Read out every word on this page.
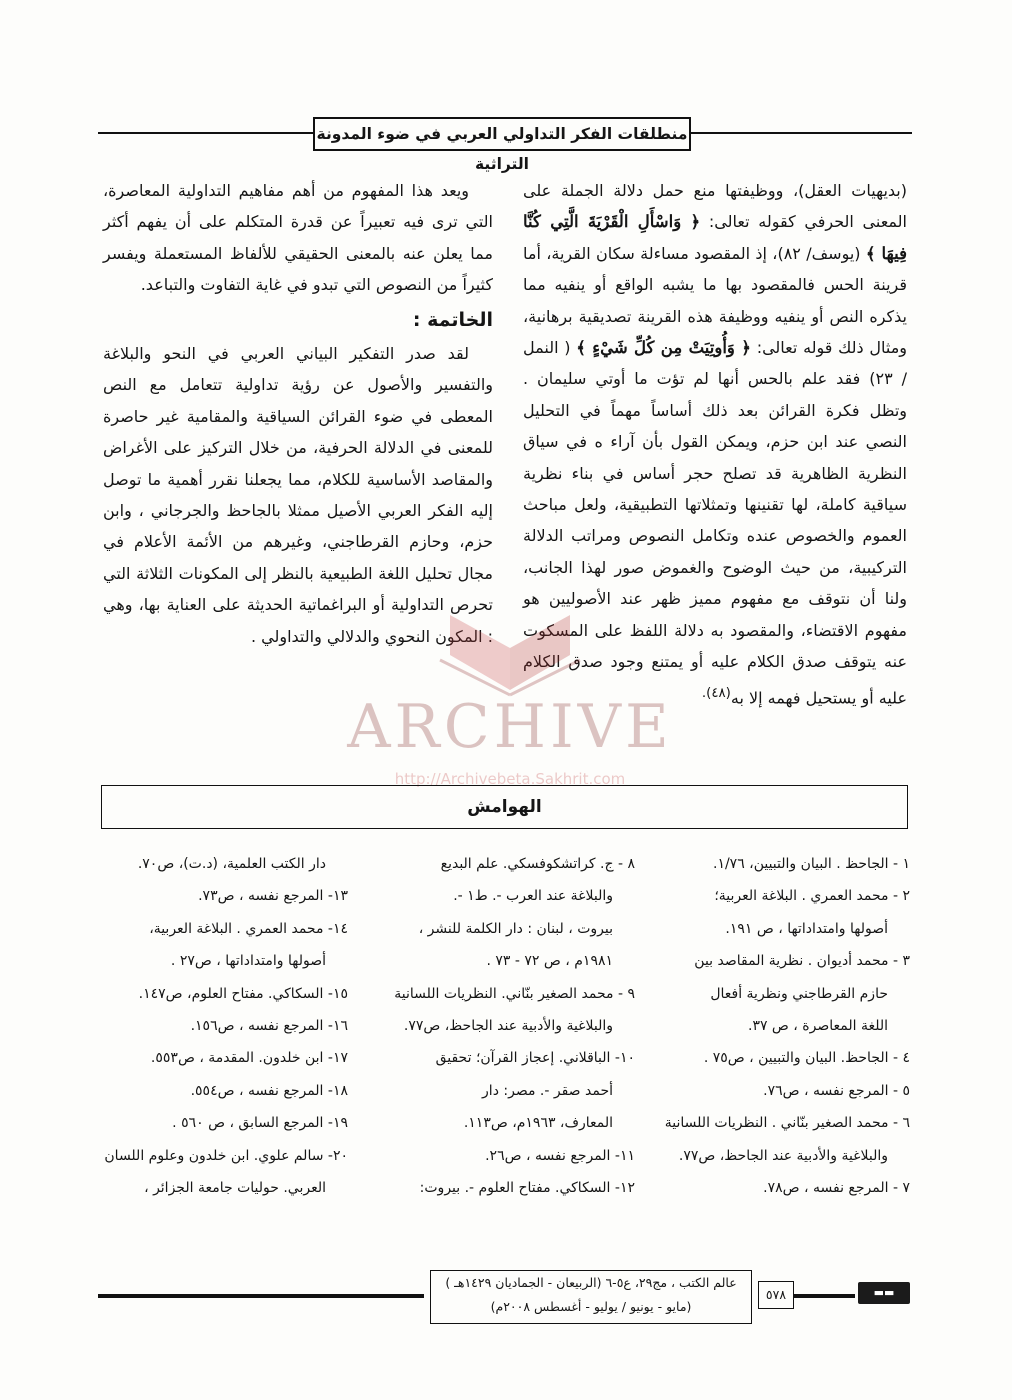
منطلقات الفكر التداولي العربي في ضوء المدونة التراثية

(بديهيات العقل)، ووظيفتها منع حمل دلالة الجملة على المعنى الحرفي كقوله تعالى: ﴿ وَاسْأَلِ الْقَرْيَةَ الَّتِي كُنَّا فِيهَا ﴾ (يوسف/ ٨٢)، إذ المقصود مساءلة سكان القرية، أما قرينة الحس فالمقصود بها ما يشبه الواقع أو ينفيه مما يذكره النص أو ينفيه ووظيفة هذه القرينة تصديقية برهانية، ومثال ذلك قوله تعالى: ﴿ وَأُوتِيَتْ مِن كُلِّ شَيْءٍ ﴾ ( النمل / ٢٣) فقد علم بالحس أنها لم تؤت ما أوتي سليمان . وتظل فكرة القرائن بعد ذلك أساساً مهماً في التحليل النصي عند ابن حزم، ويمكن القول بأن آراء ه في سياق النظرية الظاهرية قد تصلح حجر أساس في بناء نظرية سياقية كاملة، لها تقنينها وتمثلاتها التطبيقية، ولعل مباحث العموم والخصوص عنده وتكامل النصوص ومراتب الدلالة التركيبية، من حيث الوضوح والغموض صور لهذا الجانب، ولنا أن نتوقف مع مفهوم مميز ظهر عند الأصوليين هو مفهوم الاقتضاء، والمقصود به دلالة اللفظ على المسكوت عنه يتوقف صدق الكلام عليه أو يمتنع وجود صدق الكلام عليه أو يستحيل فهمه إلا به$^{(٤٨).}$

ويعد هذا المفهوم من أهم مفاهيم التداولية المعاصرة، التي ترى فيه تعبيراً عن قدرة المتكلم على أن يفهم أكثر مما يعلن عنه بالمعنى الحقيقي للألفاظ المستعملة ويفسر كثيراً من النصوص التي تبدو في غاية التفاوت والتباعد.

الخاتمة :

لقد صدر التفكير البياني العربي في النحو والبلاغة والتفسير والأصول عن رؤية تداولية تتعامل مع النص المعطى في ضوء القرائن السياقية والمقامية غير حاصرة للمعنى في الدلالة الحرفية، من خلال التركيز على الأغراض والمقاصد الأساسية للكلام، مما يجعلنا نقرر أهمية ما توصل إليه الفكر العربي الأصيل ممثلا بالجاحظ والجرجاني ، وابن حزم، وحازم القرطاجني، وغيرهم من الأئمة الأعلام في مجال تحليل اللغة الطبيعية بالنظر إلى المكونات الثلاثة التي تحرص التداولية أو البراغماتية الحديثة على العناية بها، وهي : المكون النحوي والدلالي والتداولي .

ARCHIVE
http://Archivebeta.Sakhrit.com
الهوامش
١ - الجاحظ . البيان والتبيين، ١/٧٦.
٢ - محمد العمري . البلاغة العربية؛
أصولها وامتداداتها ، ص ١٩١.
٣ - محمد أديوان . نظرية المقاصد بين
حازم القرطاجني ونظرية أفعال
اللغة المعاصرة ، ص ٣٧.
٤ - الجاحظ. البيان والتبيين ، ص٧٥ .
٥ - المرجع نفسه ، ص٧٦.
٦ - محمد الصغير بنّاني . النظريات اللسانية
والبلاغية والأدبية عند الجاحظ، ص٧٧.
٧ - المرجع نفسه ، ص٧٨.
٨ - ج. كراتشكوفسكي. علم البديع
والبلاغة عند العرب -. ط١ -.
بيروت ، لبنان : دار الكلمة للنشر ،
١٩٨١م ، ص ٧٢ - ٧٣ .
٩ - محمد الصغير بنّاني. النظريات اللسانية
والبلاغية والأدبية عند الجاحظ، ص٧٧.
١٠- الباقلاني. إعجاز القرآن؛ تحقيق
أحمد صقر -. مصر: دار
المعارف، ١٩٦٣م، ص١١٣.
١١- المرجع نفسه ، ص٢٦.
١٢- السكاكي. مفتاح العلوم -. بيروت:
دار الكتب العلمية، (د.ت)، ص٧٠.
١٣- المرجع نفسه ، ص٧٣.
١٤- محمد العمري . البلاغة العربية،
أصولها وامتداداتها ، ص٢٧ .
١٥- السكاكي. مفتاح العلوم، ص١٤٧.
١٦- المرجع نفسه ، ص١٥٦.
١٧- ابن خلدون. المقدمة ، ص٥٥٣.
١٨- المرجع نفسه ، ص٥٥٤.
١٩- المرجع السابق ، ص ٥٦٠ .
٢٠- سالم علوي. ابن خلدون وعلوم اللسان
العربي. حوليات جامعة الجزائر ،
عالم الكتب ، مج٢٩، ع٥-٦ (الربيعان - الجماديان ١٤٢٩هـ )
(مايو - يونيو / يوليو - أغسطس ٢٠٠٨م)
٥٧٨	▬▬
